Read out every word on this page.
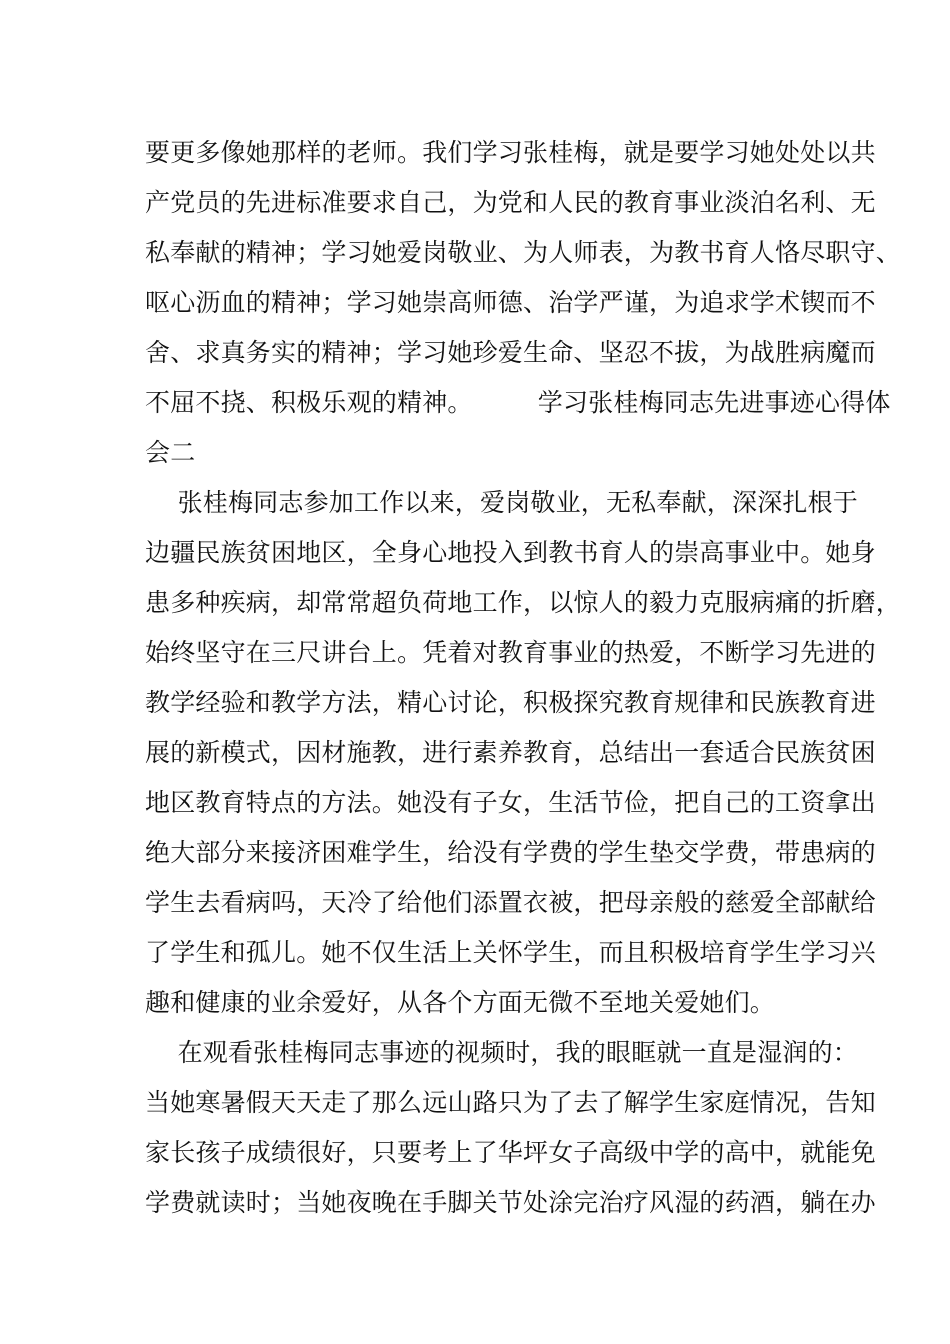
要更多像她那样的老师。我们学习张桂梅，就是要学习她处处以共
产党员的先进标准要求自己，为党和人民的教育事业淡泊名利、无
私奉献的精神；学习她爱岗敬业、为人师表，为教书育人恪尽职守、
呕心沥血的精神；学习她崇高师德、治学严谨，为追求学术锲而不
舍、求真务实的精神；学习她珍爱生命、坚忍不拔，为战胜病魔而
不屈不挠、积极乐观的精神。        学习张桂梅同志先进事迹心得体
会二
张桂梅同志参加工作以来，爱岗敬业，无私奉献，深深扎根于
边疆民族贫困地区，全身心地投入到教书育人的崇高事业中。她身
患多种疾病，却常常超负荷地工作，以惊人的毅力克服病痛的折磨，
始终坚守在三尺讲台上。凭着对教育事业的热爱，不断学习先进的
教学经验和教学方法，精心讨论，积极探究教育规律和民族教育进
展的新模式，因材施教，进行素养教育，总结出一套适合民族贫困
地区教育特点的方法。她没有子女，生活节俭，把自己的工资拿出
绝大部分来接济困难学生，给没有学费的学生垫交学费，带患病的
学生去看病吗，天冷了给他们添置衣被，把母亲般的慈爱全部献给
了学生和孤儿。她不仅生活上关怀学生，而且积极培育学生学习兴
趣和健康的业余爱好，从各个方面无微不至地关爱她们。
在观看张桂梅同志事迹的视频时，我的眼眶就一直是湿润的：
当她寒暑假天天走了那么远山路只为了去了解学生家庭情况，告知
家长孩子成绩很好，只要考上了华坪女子高级中学的高中，就能免
学费就读时；当她夜晚在手脚关节处涂完治疗风湿的药酒，躺在办
